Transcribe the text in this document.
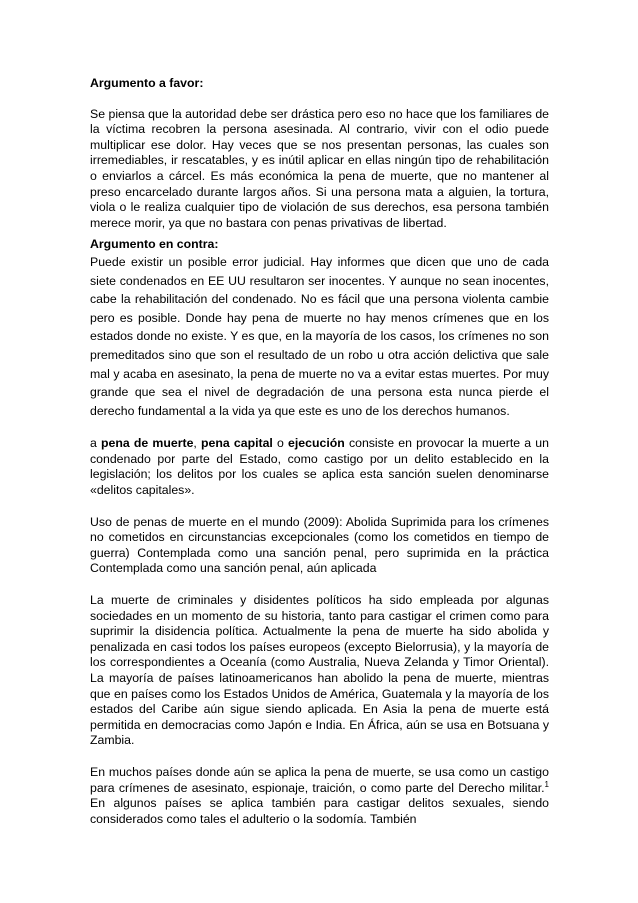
Argumento a favor:

Se piensa que la autoridad debe ser drástica pero eso no hace que los familiares de la víctima recobren la persona asesinada. Al contrario, vivir con el odio puede multiplicar ese dolor. Hay veces que se nos presentan personas, las cuales son irremediables, ir rescatables, y es inútil aplicar en ellas ningún tipo de rehabilitación o enviarlos a cárcel. Es más económica la pena de muerte, que no mantener al preso encarcelado durante largos años. Si una persona mata a alguien, la tortura, viola o le realiza cualquier tipo de violación de sus derechos, esa persona también merece morir, ya que no bastara con penas privativas de libertad.

Argumento en contra:

Puede existir un posible error judicial. Hay informes que dicen que uno de cada siete condenados en EE UU resultaron ser inocentes. Y aunque no sean inocentes, cabe la rehabilitación del condenado. No es fácil que una persona violenta cambie pero es posible. Donde hay pena de muerte no hay menos crímenes que en los estados donde no existe. Y es que, en la mayoría de los casos, los crímenes no son premeditados sino que son el resultado de un robo u otra acción delictiva que sale mal y acaba en asesinato, la pena de muerte no va a evitar estas muertes. Por muy grande que sea el nivel de degradación de una persona esta nunca pierde el derecho fundamental a la vida ya que este es uno de los derechos humanos.

a pena de muerte, pena capital o ejecución consiste en provocar la muerte a un condenado por parte del Estado, como castigo por un delito establecido en la legislación; los delitos por los cuales se aplica esta sanción suelen denominarse «delitos capitales».

Uso de penas de muerte en el mundo (2009): Abolida Suprimida para los crímenes no cometidos en circunstancias excepcionales (como los cometidos en tiempo de guerra) Contemplada como una sanción penal, pero suprimida en la práctica Contemplada como una sanción penal, aún aplicada

La muerte de criminales y disidentes políticos ha sido empleada por algunas sociedades en un momento de su historia, tanto para castigar el crimen como para suprimir la disidencia política. Actualmente la pena de muerte ha sido abolida y penalizada en casi todos los países europeos (excepto Bielorrusia), y la mayoría de los correspondientes a Oceanía (como Australia, Nueva Zelanda y Timor Oriental). La mayoría de países latinoamericanos han abolido la pena de muerte, mientras que en países como los Estados Unidos de América, Guatemala y la mayoría de los estados del Caribe aún sigue siendo aplicada. En Asia la pena de muerte está permitida en democracias como Japón e India. En África, aún se usa en Botsuana y Zambia.

En muchos países donde aún se aplica la pena de muerte, se usa como un castigo para crímenes de asesinato, espionaje, traición, o como parte del Derecho militar.$^1$ En algunos países se aplica también para castigar delitos sexuales, siendo considerados como tales el adulterio o la sodomía. También
